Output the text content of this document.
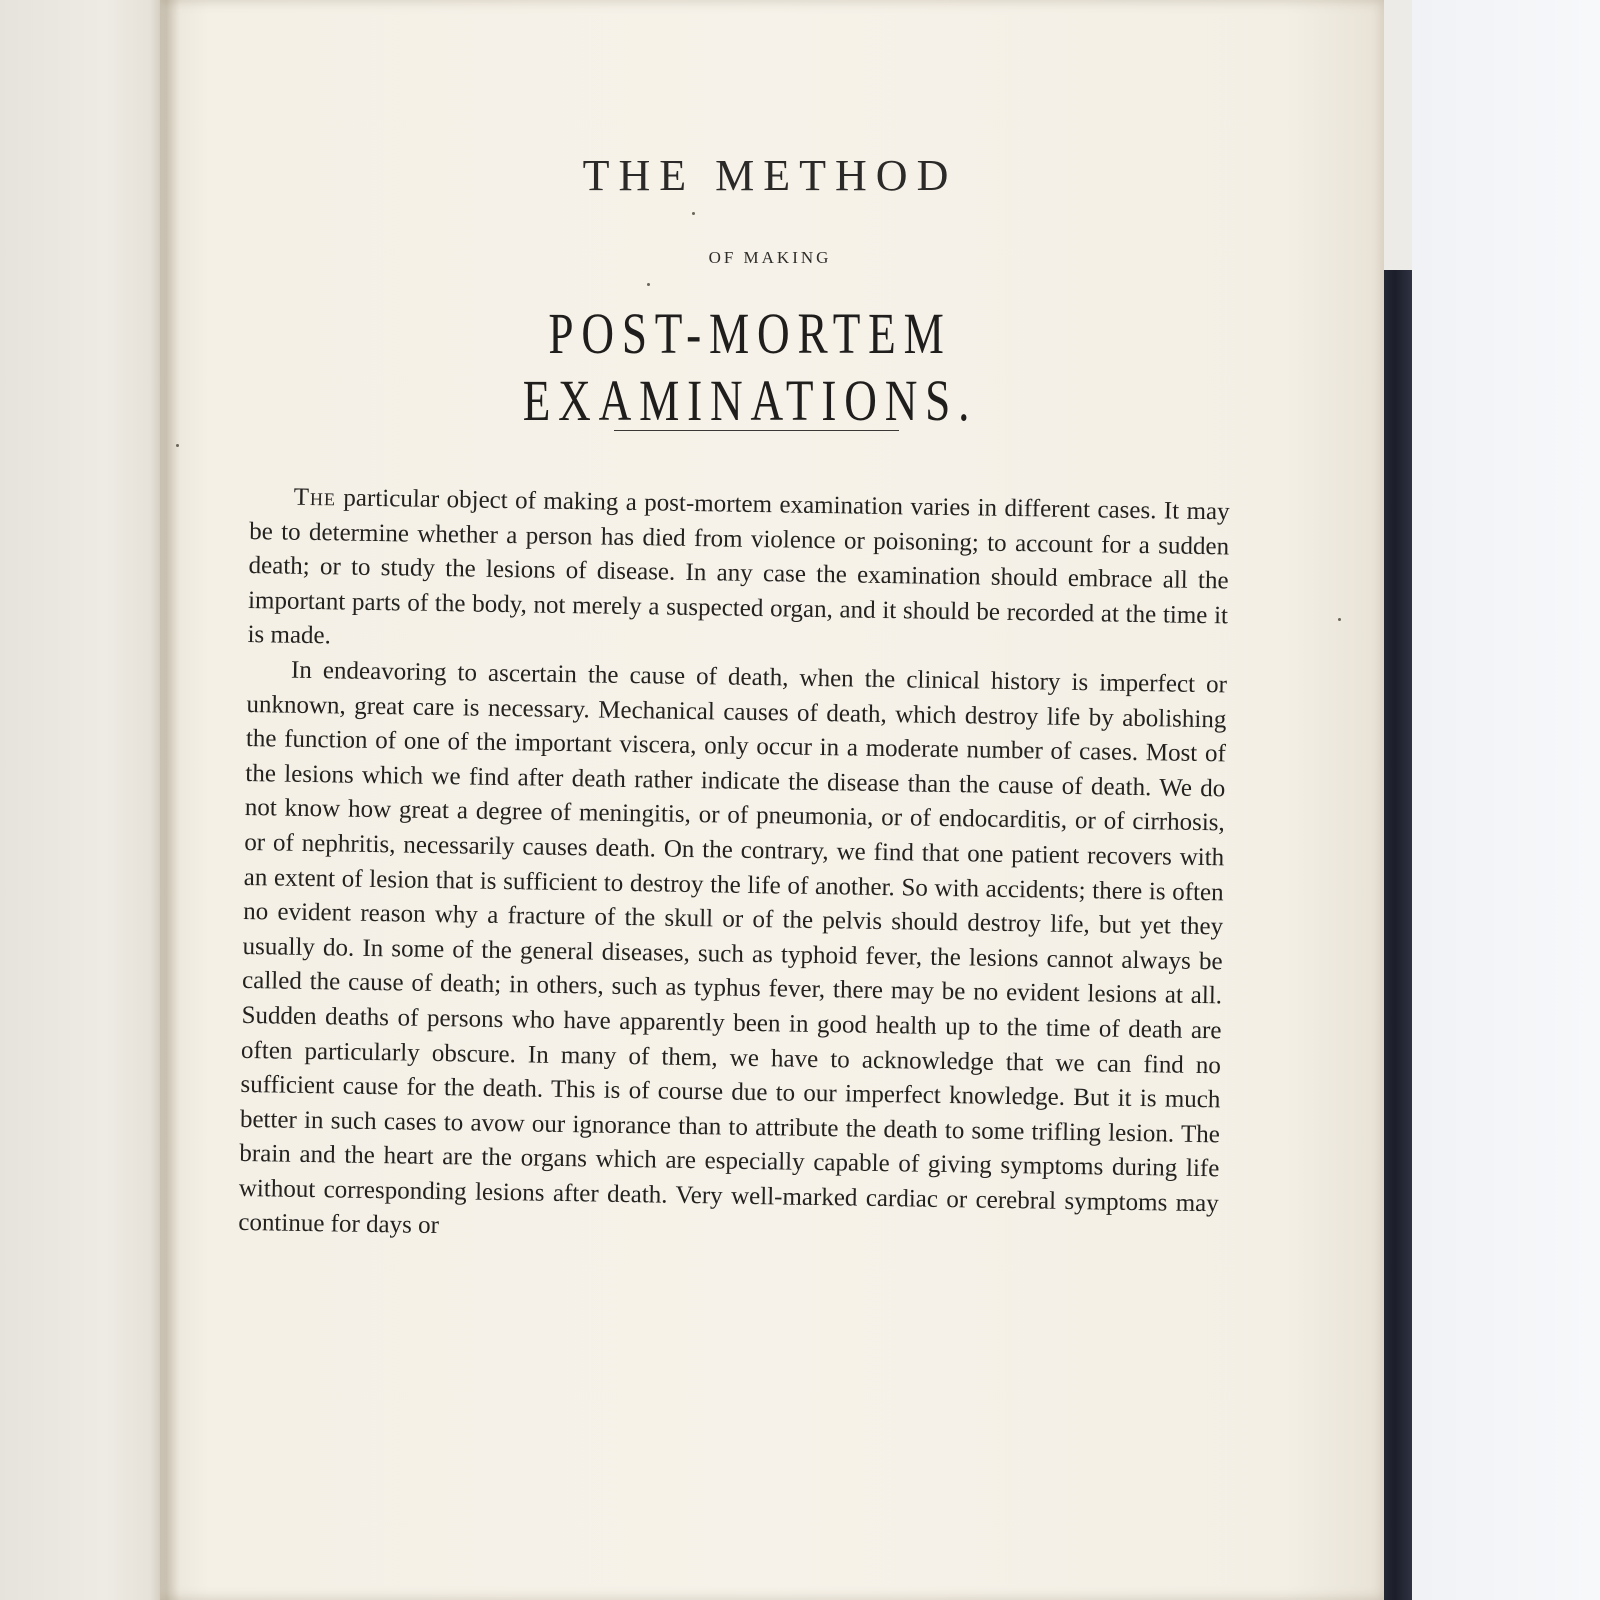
THE METHOD
OF MAKING
POST-MORTEM EXAMINATIONS.

The particular object of making a post-mortem examination varies in different cases. It may be to determine whether a person has died from violence or poisoning; to account for a sudden death; or to study the lesions of disease. In any case the examination should embrace all the important parts of the body, not merely a suspected organ, and it should be recorded at the time it is made.

In endeavoring to ascertain the cause of death, when the clinical history is imperfect or unknown, great care is necessary. Mechanical causes of death, which destroy life by abolishing the function of one of the important viscera, only occur in a moderate number of cases. Most of the lesions which we find after death rather indicate the disease than the cause of death. We do not know how great a degree of meningitis, or of pneumonia, or of endocarditis, or of cirrhosis, or of nephritis, necessarily causes death. On the contrary, we find that one patient recovers with an extent of lesion that is sufficient to destroy the life of another. So with accidents; there is often no evident reason why a fracture of the skull or of the pelvis should destroy life, but yet they usually do. In some of the general diseases, such as typhoid fever, the lesions cannot always be called the cause of death; in others, such as typhus fever, there may be no evident lesions at all. Sudden deaths of persons who have apparently been in good health up to the time of death are often particularly obscure. In many of them, we have to acknowledge that we can find no sufficient cause for the death. This is of course due to our imperfect knowledge. But it is much better in such cases to avow our ignorance than to attribute the death to some trifling lesion. The brain and the heart are the organs which are especially capable of giving symptoms during life without corresponding lesions after death. Very well-marked cardiac or cerebral symptoms may continue for days or
